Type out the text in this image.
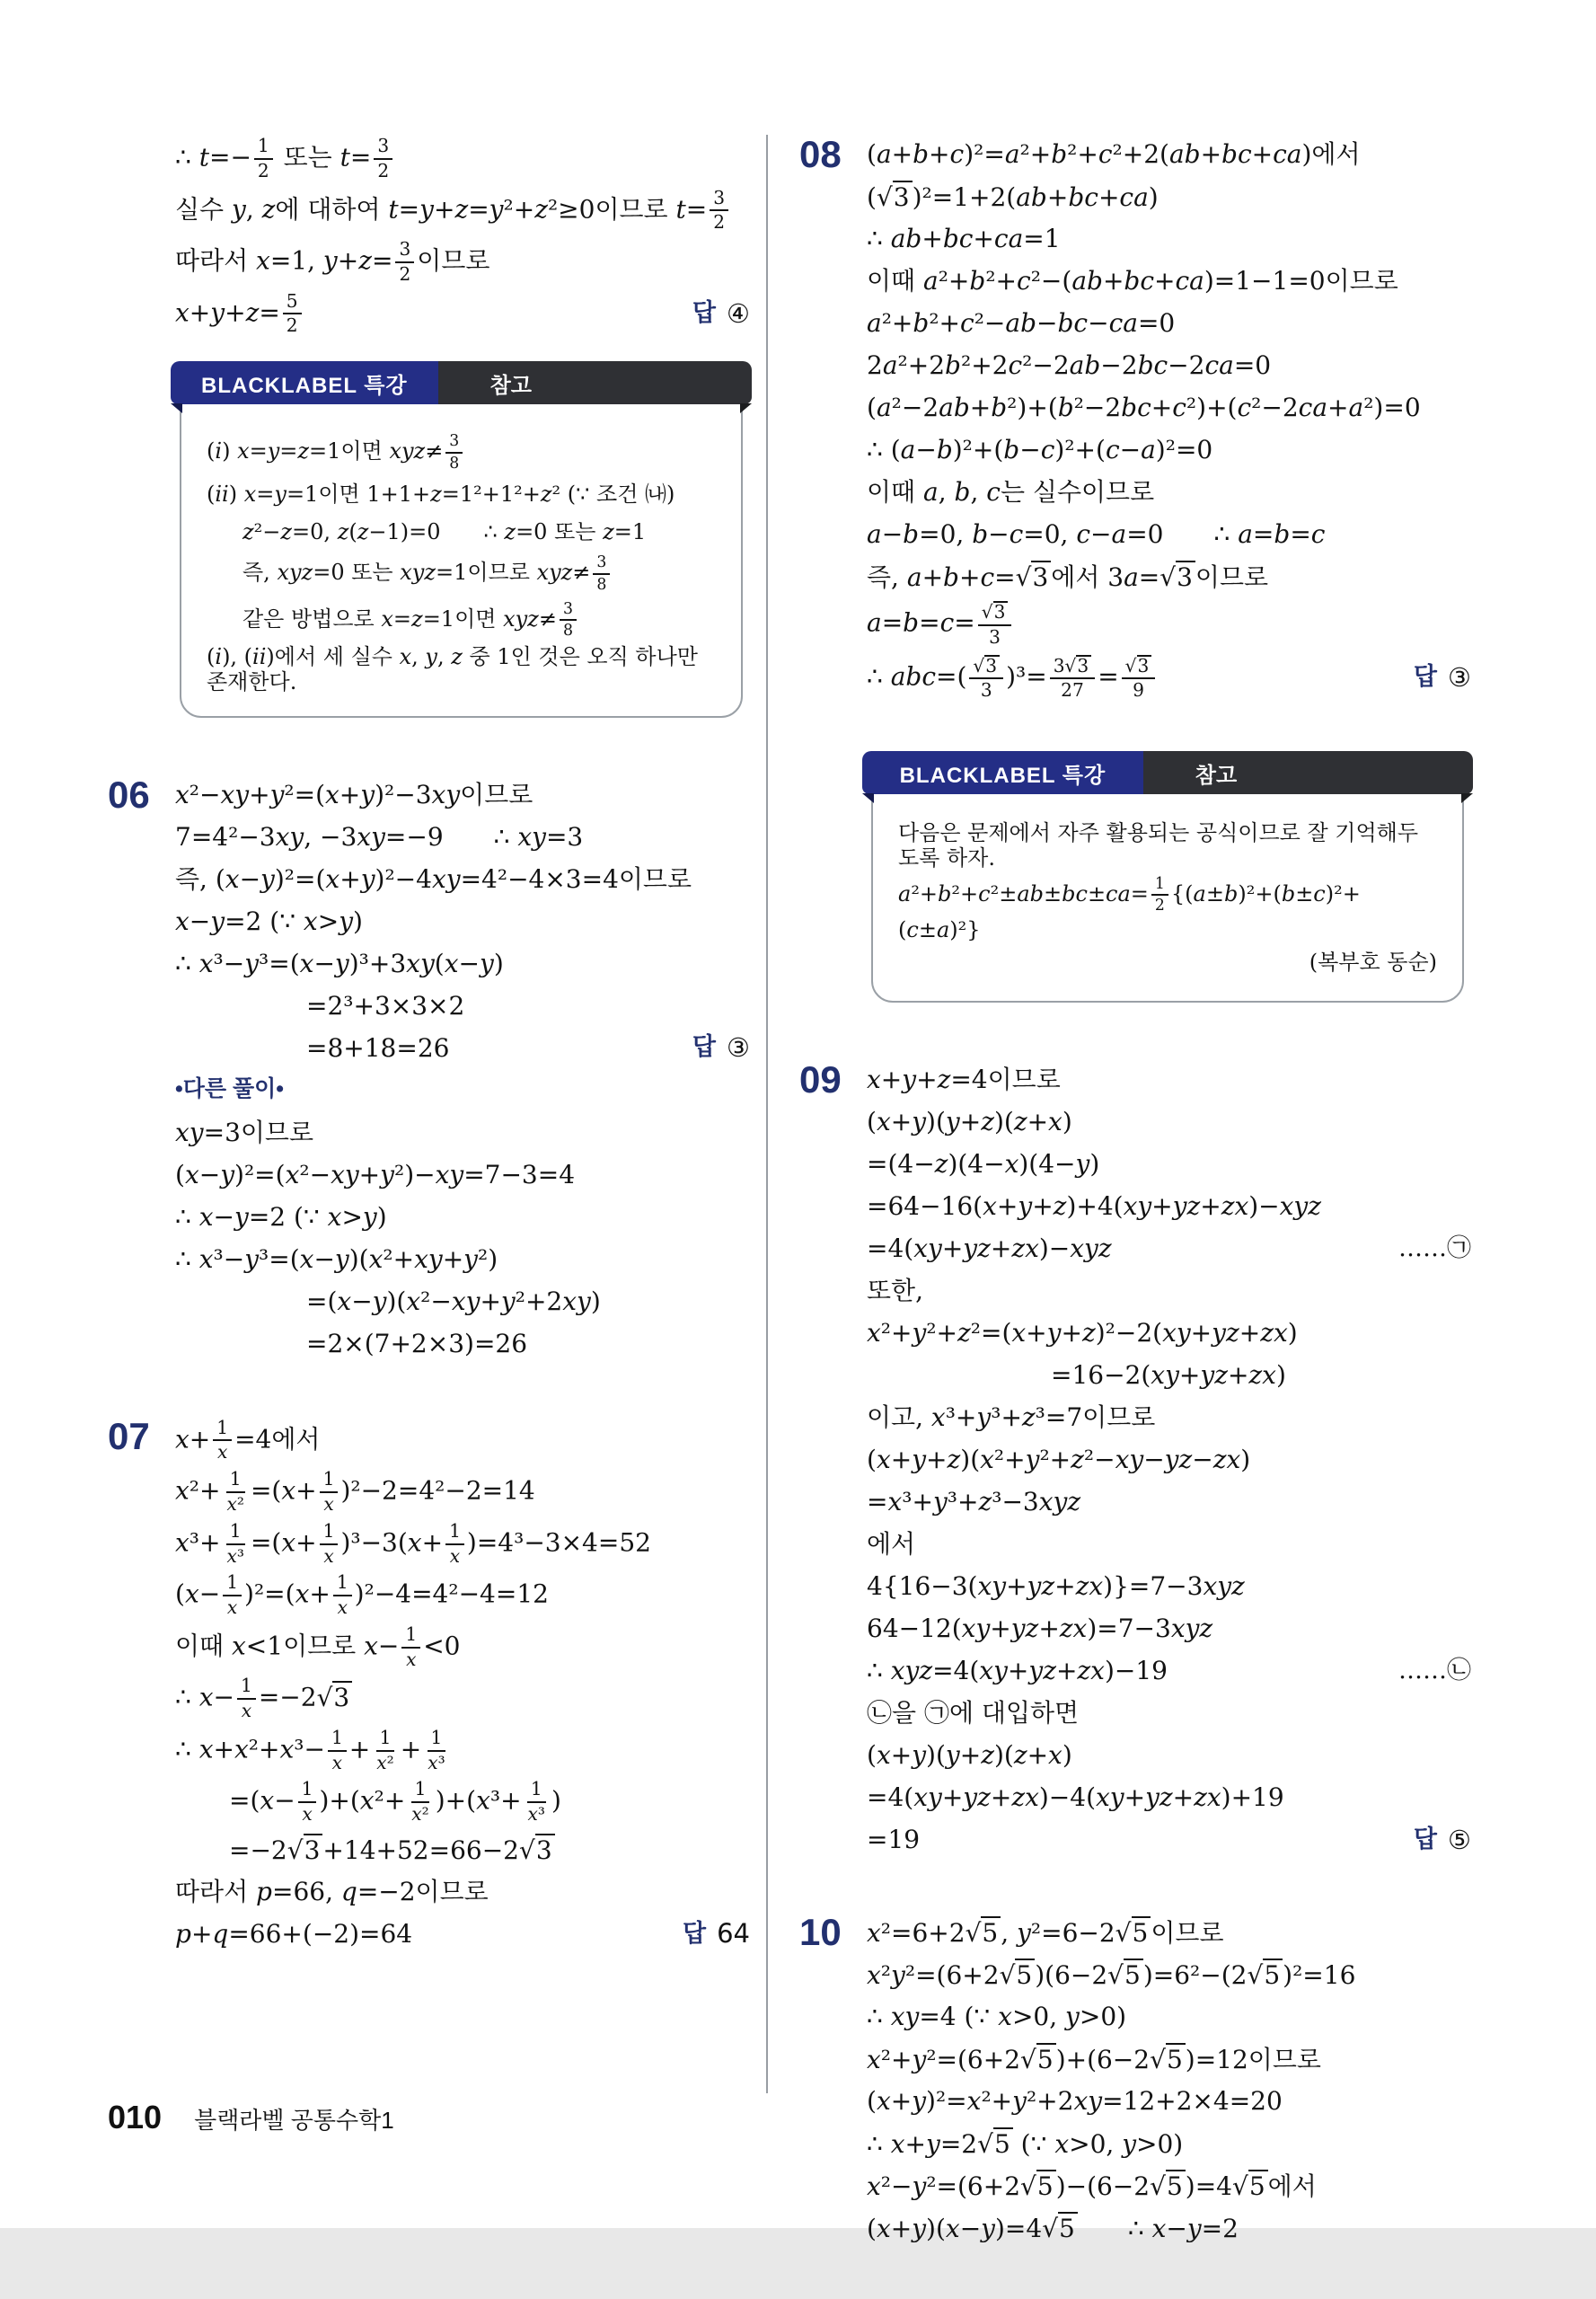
∴ $t=- \frac{1}{2}$ 또는 $t= \frac{3}{2}$
실수 y, z에 대하여 t=y+z=y²+z²≥0이므로 $t= \frac{3}{2}$
따라서 x=1, $y+z= \frac{3}{2}$ 이므로
$x+y+z= \frac{5}{2}$	답 ④
BLACKLABEL 특강	참고
(i) x=y=z=1이면 $xyz\ne \frac{3}{8}$
(ii) x=y=1이면 1+1+z=1²+1²+z² (∵ 조건 ㈏)
z²−z=0, z(z−1)=0  ∴ z=0 또는 z=1
즉, xyz=0 또는 xyz=1이므로 $xyz\ne \frac{3}{8}$
같은 방법으로 x=z=1이면 $xyz\ne \frac{3}{8}$
(i), (ii)에서 세 실수 x, y, z 중 1인 것은 오직 하나만 존재한다.
06	x²−xy+y²=(x+y)²−3xy이므로
7=4²−3xy, −3xy=−9  ∴ xy=3
즉, (x−y)²=(x+y)²−4xy=4²−4×3=4이므로
x−y=2 (∵ x>y)
∴ x³−y³=(x−y)³+3xy(x−y)
=2³+3×3×2
=8+18=26	답 ③
•다른 풀이•
xy=3이므로
(x−y)²=(x²−xy+y²)−xy=7−3=4
∴ x−y=2 (∵ x>y)
∴ x³−y³=(x−y)(x²+xy+y²)
=(x−y)(x²−xy+y²+2xy)
=2×(7+2×3)=26
07	$x+ \frac{1}{x} =4$에서
$x^2+ \frac{1}{\text{x²}} =(x+ \frac{1}{x} )^2-2=4^2-2=14$
$x^3+ \frac{1}{\text{x³}} =(x+ \frac{1}{x} )^3-3(x+ \frac{1}{x} )=4^3-3\times 4=52$
$(x- \frac{1}{x} )^2=(x+ \frac{1}{x} )^2-4=4^2-4=12$
이때 x<1이므로 $x- \frac{1}{x} <0$
∴ $x- \frac{1}{x} =-2√3$
∴ $x+x^2+x^3- \frac{1}{x} + \frac{1}{\text{x²}} + \frac{1}{\text{x³}}$
$=(x- \frac{1}{x} )+(x^2+ \frac{1}{\text{x²}} )+(x^3+ \frac{1}{\text{x³}}$ )
=−2√3 +14+52=66−2√3
따라서 p=66, q=−2이므로
p+q=66+(−2)=64	답 64
08	(a+b+c)²=a²+b²+c²+2(ab+bc+ca)에서
(√3 )²=1+2(ab+bc+ca)
∴ ab+bc+ca=1
이때 a²+b²+c²−(ab+bc+ca)=1−1=0이므로
a²+b²+c²−ab−bc−ca=0
2a²+2b²+2c²−2ab−2bc−2ca=0
(a²−2ab+b²)+(b²−2bc+c²)+(c²−2ca+a²)=0
∴ (a−b)²+(b−c)²+(c−a)²=0
이때 a, b, c는 실수이므로
a−b=0, b−c=0, c−a=0  ∴ a=b=c
즉, a+b+c=√3 에서 3a=√3 이므로
$a=b=c= \frac{√3}{3}$
∴ $abc=( \frac{√3}{3} )^3= \frac{3√3}{27} = \frac{√3}{9}$	답 ③
BLACKLABEL 특강	참고
다음은 문제에서 자주 활용되는 공식이므로 잘 기억해두도록 하자.
$a^2+b^2+c^2\pm ab\pm bc\pm ca= \frac{1}{2} \{(a\pm b)^2+(b\pm c)^2+(c\pm a)^2\}$
(복부호 동순)
09	x+y+z=4이므로
(x+y)(y+z)(z+x)
=(4−z)(4−x)(4−y)
=64−16(x+y+z)+4(xy+yz+zx)−xyz
=4(xy+yz+zx)−xyz	……㉠
또한,
x²+y²+z²=(x+y+z)²−2(xy+yz+zx)
=16−2(xy+yz+zx)
이고, x³+y³+z³=7이므로
(x+y+z)(x²+y²+z²−xy−yz−zx)
=x³+y³+z³−3xyz
에서
4{16−3(xy+yz+zx)}=7−3xyz
64−12(xy+yz+zx)=7−3xyz
∴ xyz=4(xy+yz+zx)−19	……㉡
㉡을 ㉠에 대입하면
(x+y)(y+z)(z+x)
=4(xy+yz+zx)−4(xy+yz+zx)+19
=19	답 ⑤
10	x²=6+2√5 , y²=6−2√5 이므로
x²y²=(6+2√5 )(6−2√5 )=6²−(2√5 )²=16
∴ xy=4 (∵ x>0, y>0)
x²+y²=(6+2√5 )+(6−2√5 )=12이므로
(x+y)²=x²+y²+2xy=12+2×4=20
∴ x+y=2√5 (∵ x>0, y>0)
x²−y²=(6+2√5 )−(6−2√5 )=4√5 에서
(x+y)(x−y)=4√5  ∴ x−y=2
010 블랙라벨 공통수학1
